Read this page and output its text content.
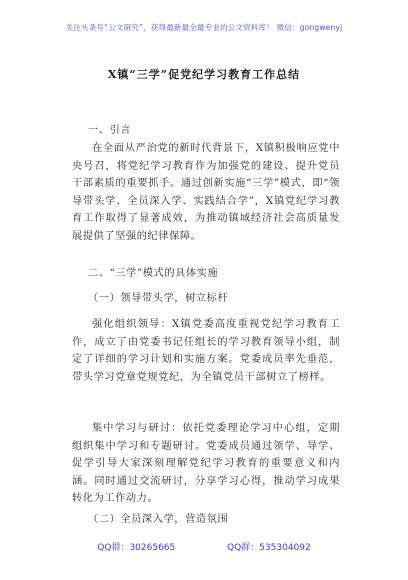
关注头条号“公文研究”，获得最新最全最专业的公文资料库！ 微信：gongwenyj
X镇“三学”促党纪学习教育工作总结
一、引言
在全面从严治党的新时代背景下，X镇积极响应党中央号召，将党纪学习教育作为加强党的建设、提升党员干部素质的重要抓手。通过创新实施“三学”模式，即“领导带头学、全员深入学、实践结合学”，X镇党纪学习教育工作取得了显著成效，为推动镇域经济社会高质量发展提供了坚强的纪律保障。
二、“三学”模式的具体实施
（一）领导带头学，树立标杆
强化组织领导：X镇党委高度重视党纪学习教育工作，成立了由党委书记任组长的学习教育领导小组，制定了详细的学习计划和实施方案。党委成员率先垂范，带头学习党章党规党纪，为全镇党员干部树立了榜样。
集中学习与研讨：依托党委理论学习中心组，定期组织集中学习和专题研讨。党委成员通过领学、导学、促学引导大家深刻理解党纪学习教育的重要意义和内涵。同时通过交流研讨，分享学习心得，推动学习成果转化为工作动力。
（二）全员深入学，营造氛围
QQ群：30265665	QQ群：535304092
